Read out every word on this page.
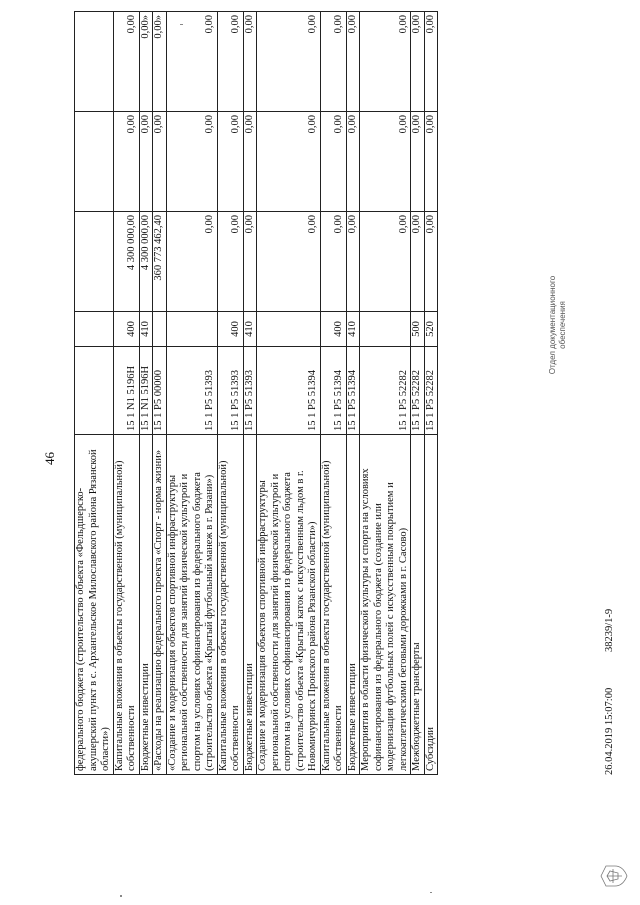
46
федерального бюджета (строительство объекта «Фельдшерско-акушерский пункт в с. Архангельское Милославского района Рязанской области»)					
Капитальные вложения в объекты государственной (муниципальной) собственности	15 1 N1 5196H	400	4 300 000,00	0,00	0,00
Бюджетные инвестиции	15 1 N1 5196H	410	4 300 000,00	0,00	0,00»
«Расходы на реализацию федерального проекта «Спорт - норма жизни»	15 1 P5 00000		360 773 462,40	0,00	0,00»
«Создание и модернизация объектов спортивной инфраструктуры региональной собственности для занятий физической культурой и спортом на условиях софинансирования из федерального бюджета (строительство объекта «Крытый футбольный манеж в г. Рязани»)	15 1 P5 51393		0,00	0,00	0,00
Капитальные вложения в объекты государственной (муниципальной) собственности	15 1 P5 51393	400	0,00	0,00	0,00
Бюджетные инвестиции	15 1 P5 51393	410	0,00	0,00	0,00
Создание и модернизация объектов спортивной инфраструктуры региональной собственности для занятий физической культурой и спортом на условиях софинансирования из федерального бюджета (строительство объекта «Крытый каток с искусственным льдом в г. Новомичуринск Пронского района Рязанской области»)	15 1 P5 51394		0,00	0,00	0,00
Капитальные вложения в объекты государственной (муниципальной) собственности	15 1 P5 51394	400	0,00	0,00	0,00
Бюджетные инвестиции	15 1 P5 51394	410	0,00	0,00	0,00
Мероприятия в области физической культуры и спорта на условиях софинансирования из федерального бюджета (создание или модернизация футбольных полей с искусственным покрытием и легкоатлетическими беговыми дорожками в г. Сасово)	15 1 P5 52282		0,00	0,00	0,00
Межбюджетные трансферты	15 1 P5 52282	500	0,00	0,00	0,00
Субсидии	15 1 P5 52282	520	0,00	0,00	0,00
26.04.2019 15:07:00
38239/1-9
Отдел документационного обеспечения
